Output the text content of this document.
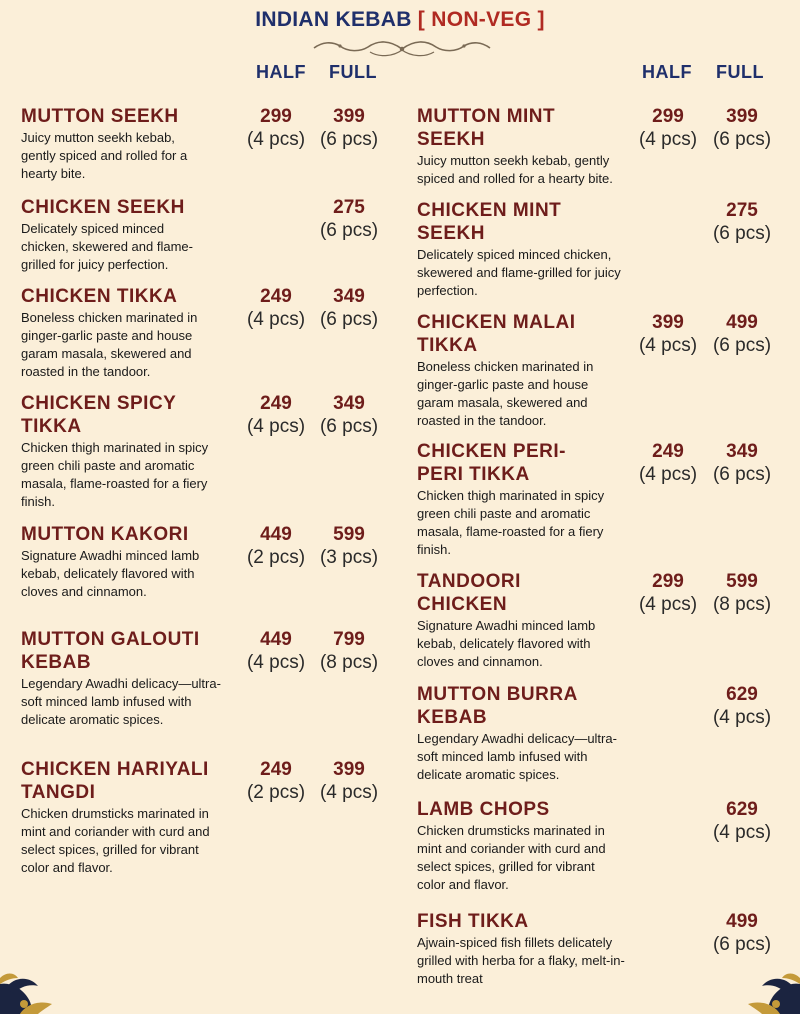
INDIAN KEBAB [ NON-VEG ]
HALF FULL	HALF FULL
MUTTON SEEKH
Juicy mutton seekh kebab, gently spiced and rolled for a hearty bite.
299
(4 pcs)
399
(6 pcs)
CHICKEN SEEKH
Delicately spiced minced chicken, skewered and flame-grilled for juicy perfection.
275
(6 pcs)
CHICKEN TIKKA
Boneless chicken marinated in ginger-garlic paste and house garam masala, skewered and roasted in the tandoor.
249
(4 pcs)
349
(6 pcs)
CHICKEN SPICY TIKKA
Chicken thigh marinated in spicy green chili paste and aromatic masala, flame-roasted for a fiery finish.
249
(4 pcs)
349
(6 pcs)
MUTTON KAKORI
Signature Awadhi minced lamb kebab, delicately flavored with cloves and cinnamon.
449
(2 pcs)
599
(3 pcs)
MUTTON GALOUTI KEBAB
Legendary Awadhi delicacy—ultra-soft minced lamb infused with delicate aromatic spices.
449
(4 pcs)
799
(8 pcs)
CHICKEN HARIYALI TANGDI
Chicken drumsticks marinated in mint and coriander with curd and select spices, grilled for vibrant color and flavor.
249
(2 pcs)
399
(4 pcs)
MUTTON MINT SEEKH
Juicy mutton seekh kebab, gently spiced and rolled for a hearty bite.
299
(4 pcs)
399
(6 pcs)
CHICKEN MINT SEEKH
Delicately spiced minced chicken, skewered and flame-grilled for juicy perfection.
275
(6 pcs)
CHICKEN MALAI TIKKA
Boneless chicken marinated in ginger-garlic paste and house garam masala, skewered and roasted in the tandoor.
399
(4 pcs)
499
(6 pcs)
CHICKEN PERI-PERI TIKKA
Chicken thigh marinated in spicy green chili paste and aromatic masala, flame-roasted for a fiery finish.
249
(4 pcs)
349
(6 pcs)
TANDOORI CHICKEN
Signature Awadhi minced lamb kebab, delicately flavored with cloves and cinnamon.
299
(4 pcs)
599
(8 pcs)
MUTTON BURRA KEBAB
Legendary Awadhi delicacy—ultra-soft minced lamb infused with delicate aromatic spices.
629
(4 pcs)
LAMB CHOPS
Chicken drumsticks marinated in mint and coriander with curd and select spices, grilled for vibrant color and flavor.
629
(4 pcs)
FISH TIKKA
Ajwain-spiced fish fillets delicately grilled with herba for a flaky, melt-in-mouth treat
499
(6 pcs)
